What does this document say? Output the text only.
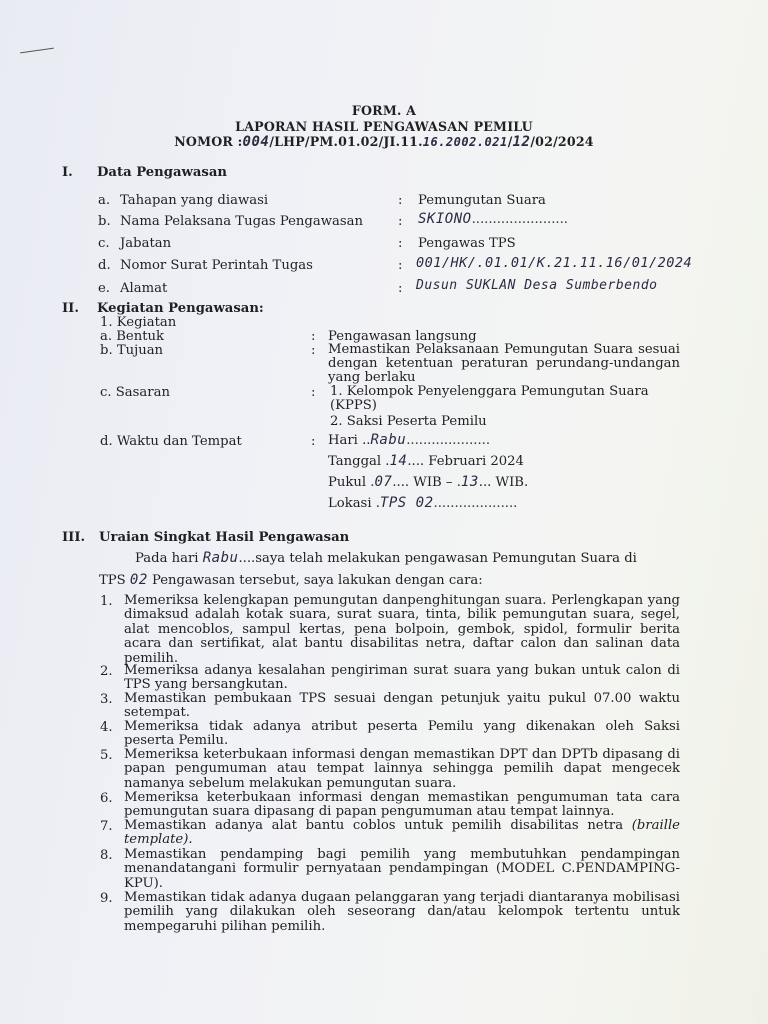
FORM. A
LAPORAN HASIL PENGAWASAN PEMILU
NOMOR :004/LHP/PM.01.02/JI.11.16.2002.021/12/02/2024
I. Data Pengawasan
a. Tahapan yang diawasi	: Pemungutan Suara
b. Nama Pelaksana Tugas Pengawasan	: SKIONO.......................
c. Jabatan	: Pengawas TPS
d. Nomor Surat Perintah Tugas	: 001/HK/.01.01/K.21.11.16/01/2024
e. Alamat	: Dusun SUKLAN Desa Sumberbendo
II. Kegiatan Pengawasan:
1. Kegiatan
a. Bentuk	: Pengawasan langsung
b. Tujuan	: Memastikan Pelaksanaan Pemungutan Suara sesuai dengan ketentuan peraturan perundang-undangan yang berlaku
c. Sasaran	: 1. Kelompok Penyelenggara Pemungutan Suara (KPPS)
2. Saksi Peserta Pemilu
d. Waktu dan Tempat	: Hari ..Rabu....................
Tanggal .14.... Februari 2024
Pukul .07.... WIB – .13... WIB.
Lokasi .TPS 02....................
III. Uraian Singkat Hasil Pengawasan
Pada hari Rabu....saya telah melakukan pengawasan Pemungutan Suara di
TPS 02 Pengawasan tersebut, saya lakukan dengan cara:
1. Memeriksa kelengkapan pemungutan danpenghitungan suara. Perlengkapan yang dimaksud adalah kotak suara, surat suara, tinta, bilik pemungutan suara, segel, alat mencoblos, sampul kertas, pena bolpoin, gembok, spidol, formulir berita acara dan sertifikat, alat bantu disabilitas netra, daftar calon dan salinan data pemilih.
2. Memeriksa adanya kesalahan pengiriman surat suara yang bukan untuk calon di TPS yang bersangkutan.
3. Memastikan pembukaan TPS sesuai dengan petunjuk yaitu pukul 07.00 waktu setempat.
4. Memeriksa tidak adanya atribut peserta Pemilu yang dikenakan oleh Saksi peserta Pemilu.
5. Memeriksa keterbukaan informasi dengan memastikan DPT dan DPTb dipasang di papan pengumuman atau tempat lainnya sehingga pemilih dapat mengecek namanya sebelum melakukan pemungutan suara.
6. Memeriksa keterbukaan informasi dengan memastikan pengumuman tata cara pemungutan suara dipasang di papan pengumuman atau tempat lainnya.
7. Memastikan adanya alat bantu coblos untuk pemilih disabilitas netra (braille template).
8. Memastikan pendamping bagi pemilih yang membutuhkan pendampingan menandatangani formulir pernyataan pendampingan (MODEL C.PENDAMPING-KPU).
9. Memastikan tidak adanya dugaan pelanggaran yang terjadi diantaranya mobilisasi pemilih yang dilakukan oleh seseorang dan/atau kelompok tertentu untuk mempegaruhi pilihan pemilih.
